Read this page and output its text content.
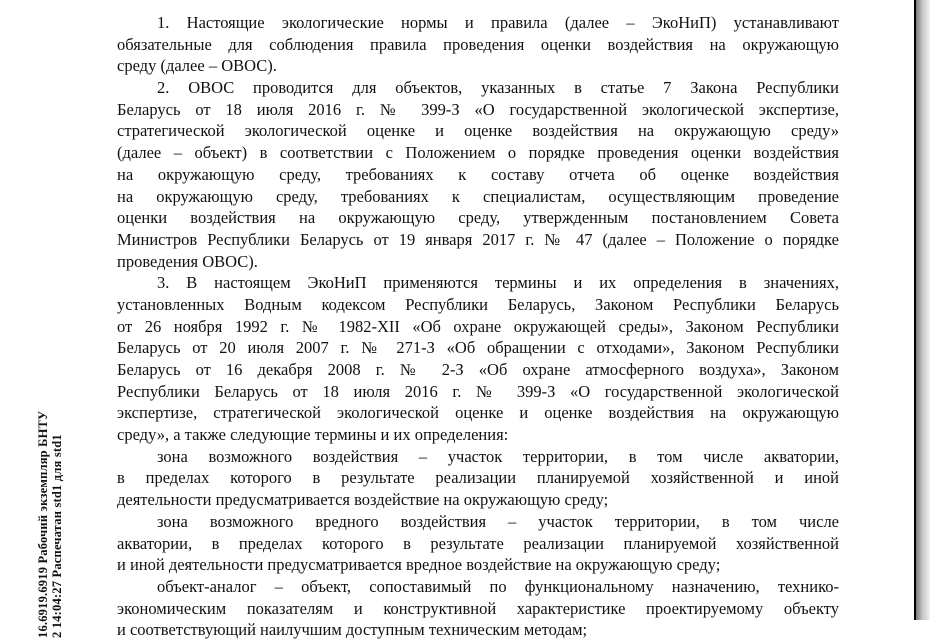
16.6919.6919 Рабочий экземпляр БНТУ 2 14:04:27 Распечатан std1 для std1
1. Настоящие экологические нормы и правила (далее – ЭкоНиП) устанавливают
обязательные для соблюдения правила проведения оценки воздействия на окружающую
среду (далее – ОВОС).
2. ОВОС проводится для объектов, указанных в статье 7 Закона Республики
Беларусь от 18 июля 2016 г. № 399-З «О государственной экологической экспертизе,
стратегической экологической оценке и оценке воздействия на окружающую среду»
(далее – объект) в соответствии с Положением о порядке проведения оценки воздействия
на окружающую среду, требованиях к составу отчета об оценке воздействия
на окружающую среду, требованиях к специалистам, осуществляющим проведение
оценки воздействия на окружающую среду, утвержденным постановлением Совета
Министров Республики Беларусь от 19 января 2017 г. № 47 (далее – Положение о порядке
проведения ОВОС).
3. В настоящем ЭкоНиП применяются термины и их определения в значениях,
установленных Водным кодексом Республики Беларусь, Законом Республики Беларусь
от 26 ноября 1992 г. № 1982-XII «Об охране окружающей среды», Законом Республики
Беларусь от 20 июля 2007 г. № 271-З «Об обращении с отходами», Законом Республики
Беларусь от 16 декабря 2008 г. № 2-З «Об охране атмосферного воздуха», Законом
Республики Беларусь от 18 июля 2016 г. № 399-З «О государственной экологической
экспертизе, стратегической экологической оценке и оценке воздействия на окружающую
среду», а также следующие термины и их определения:
зона возможного воздействия – участок территории, в том числе акватории,
в пределах которого в результате реализации планируемой хозяйственной и иной
деятельности предусматривается воздействие на окружающую среду;
зона возможного вредного воздействия – участок территории, в том числе
акватории, в пределах которого в результате реализации планируемой хозяйственной
и иной деятельности предусматривается вредное воздействие на окружающую среду;
объект-аналог – объект, сопоставимый по функциональному назначению, технико-
экономическим показателям и конструктивной характеристике проектируемому объекту
и соответствующий наилучшим доступным техническим методам;
